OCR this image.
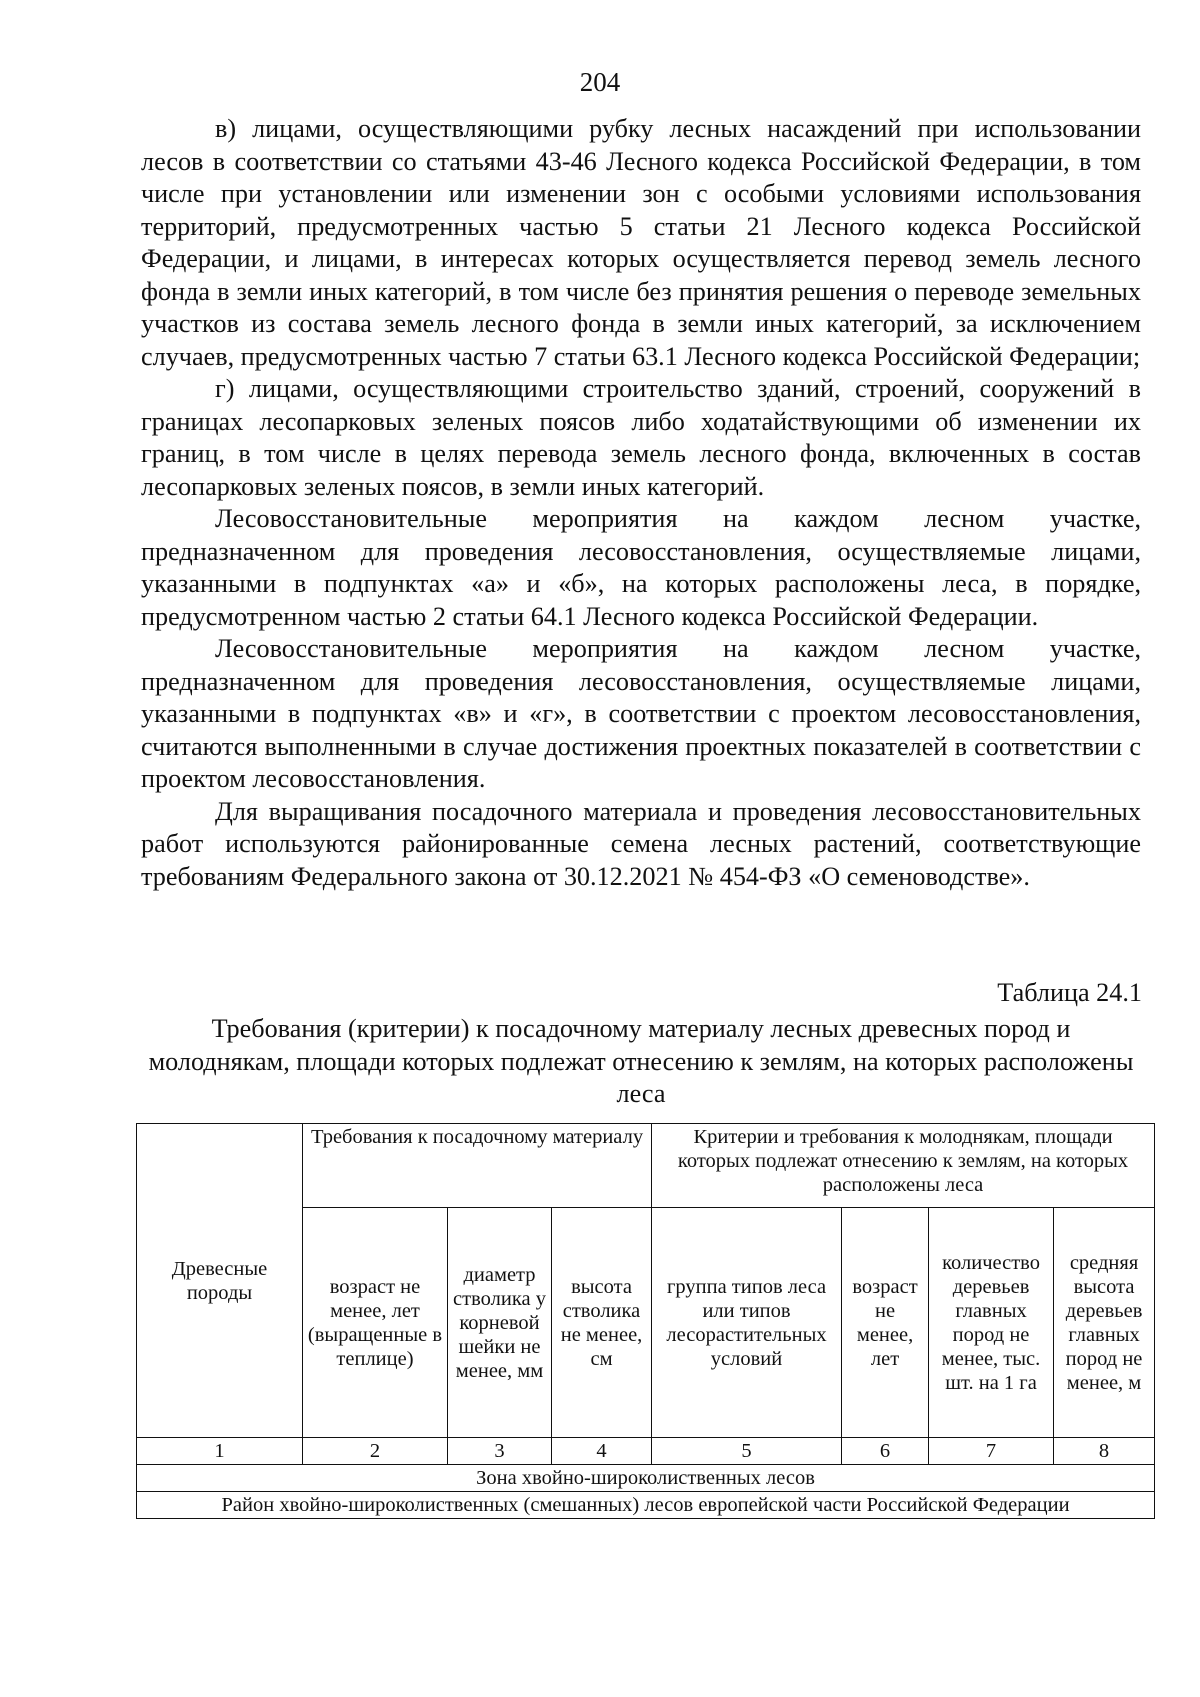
204

в) лицами, осуществляющими рубку лесных насаждений при использовании лесов в соответствии со статьями 43-46 Лесного кодекса Российской Федерации, в том числе при установлении или изменении зон с особыми условиями использования территорий, предусмотренных частью 5 статьи 21 Лесного кодекса Российской Федерации, и лицами, в интересах которых осуществляется перевод земель лесного фонда в земли иных категорий, в том числе без принятия решения о переводе земельных участков из состава земель лесного фонда в земли иных категорий, за исключением случаев, предусмотренных частью 7 статьи 63.1 Лесного кодекса Российской Федерации;

г) лицами, осуществляющими строительство зданий, строений, сооружений в границах лесопарковых зеленых поясов либо ходатайствующими об изменении их границ, в том числе в целях перевода земель лесного фонда, включенных в состав лесопарковых зеленых поясов, в земли иных категорий.

Лесовосстановительные мероприятия на каждом лесном участке, предназначенном для проведения лесовосстановления, осуществляемые лицами, указанными в подпунктах «а» и «б», на которых расположены леса, в порядке, предусмотренном частью 2 статьи 64.1 Лесного кодекса Российской Федерации.

Лесовосстановительные мероприятия на каждом лесном участке, предназначенном для проведения лесовосстановления, осуществляемые лицами, указанными в подпунктах «в» и «г», в соответствии с проектом лесовосстановления, считаются выполненными в случае достижения проектных показателей в соответствии с проектом лесовосстановления.

Для выращивания посадочного материала и проведения лесовосстановительных работ используются районированные семена лесных растений, соответствующие требованиям Федерального закона от 30.12.2021 № 454-ФЗ «О семеноводстве».

Таблица 24.1

Требования (критерии) к посадочному материалу лесных древесных пород и молоднякам, площади которых подлежат отнесению к землям, на которых расположены леса

Древесные породы	Требования к посадочному материалу			Критерии и требования к молоднякам, площади которых подлежат отнесению к землям, на которых расположены леса			
	возраст не менее, лет (выращенные в теплице)	диаметр стволика у корневой шейки не менее, мм	высота стволика не менее, см	группа типов леса или типов лесорастительных условий	возраст не менее, лет	количество деревьев главных пород не менее, тыс. шт. на 1 га	средняя высота деревьев главных пород не менее, м
1	2	3	4	5	6	7	8
Зона хвойно-широколиственных лесов							
Район хвойно-широколиственных (смешанных) лесов европейской части Российской Федерации							
